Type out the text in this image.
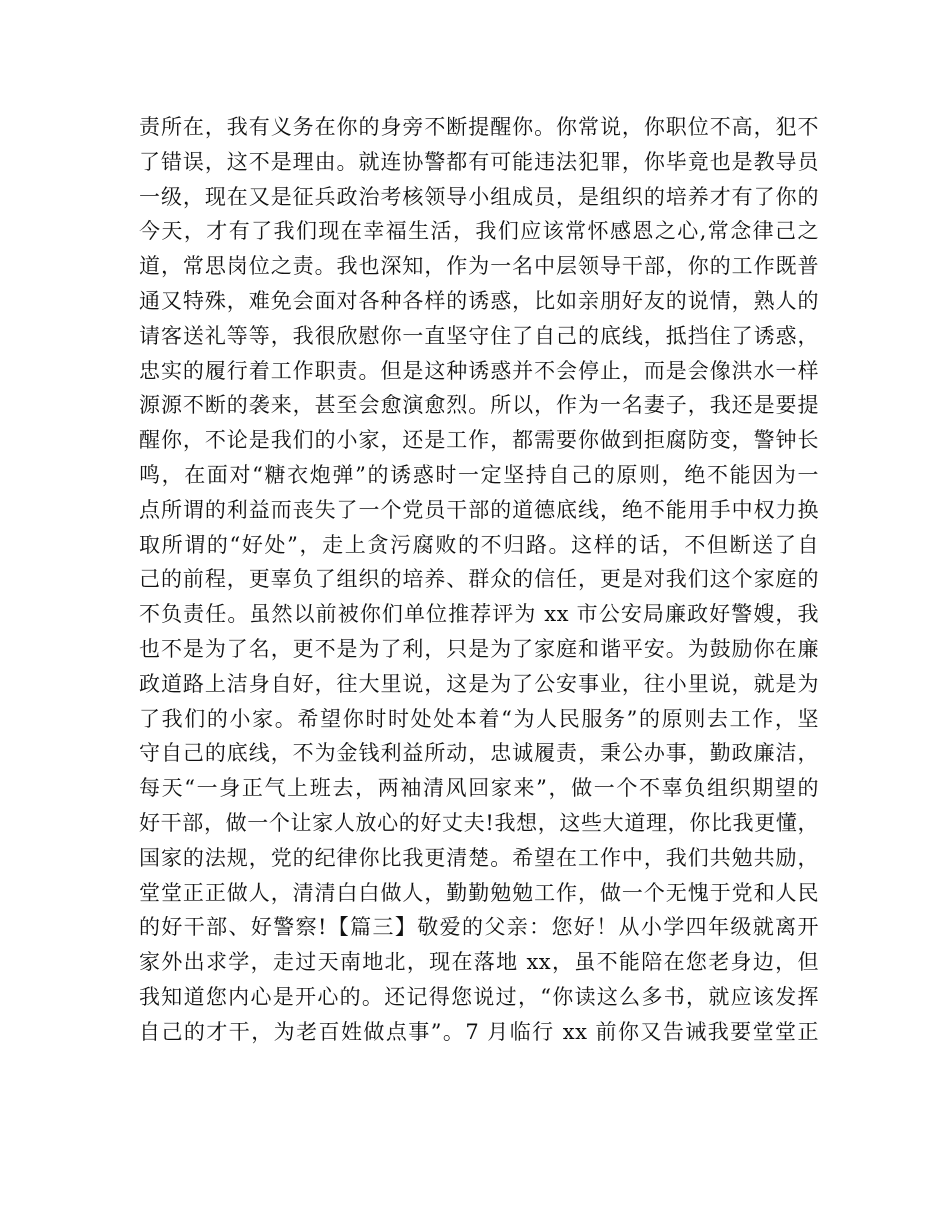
责所在，我有义务在你的身旁不断提醒你。你常说，你职位不高，犯不
了错误，这不是理由。就连协警都有可能违法犯罪，你毕竟也是教导员
一级，现在又是征兵政治考核领导小组成员，是组织的培养才有了你的
今天，才有了我们现在幸福生活，我们应该常怀感恩之心,常念律己之
道，常思岗位之责。我也深知，作为一名中层领导干部，你的工作既普
通又特殊，难免会面对各种各样的诱惑，比如亲朋好友的说情，熟人的
请客送礼等等，我很欣慰你一直坚守住了自己的底线，抵挡住了诱惑，
忠实的履行着工作职责。但是这种诱惑并不会停止，而是会像洪水一样
源源不断的袭来，甚至会愈演愈烈。所以，作为一名妻子，我还是要提
醒你，不论是我们的小家，还是工作，都需要你做到拒腐防变，警钟长
鸣，在面对“糖衣炮弹”的诱惑时一定坚持自己的原则，绝不能因为一
点所谓的利益而丧失了一个党员干部的道德底线，绝不能用手中权力换
取所谓的“好处”，走上贪污腐败的不归路。这样的话，不但断送了自
己的前程，更辜负了组织的培养、群众的信任，更是对我们这个家庭的
不负责任。虽然以前被你们单位推荐评为 xx 市公安局廉政好警嫂，我
也不是为了名，更不是为了利，只是为了家庭和谐平安。为鼓励你在廉
政道路上洁身自好，往大里说，这是为了公安事业，往小里说，就是为
了我们的小家。希望你时时处处本着“为人民服务”的原则去工作，坚
守自己的底线，不为金钱利益所动，忠诚履责，秉公办事，勤政廉洁，
每天“一身正气上班去，两袖清风回家来”，做一个不辜负组织期望的
好干部，做一个让家人放心的好丈夫!我想，这些大道理，你比我更懂，
国家的法规，党的纪律你比我更清楚。希望在工作中，我们共勉共励，
堂堂正正做人，清清白白做人，勤勤勉勉工作，做一个无愧于党和人民
的好干部、好警察!【篇三】敬爱的父亲：您好！从小学四年级就离开
家外出求学，走过天南地北，现在落地 xx，虽不能陪在您老身边，但
我知道您内心是开心的。还记得您说过，“你读这么多书，就应该发挥
自己的才干，为老百姓做点事”。7 月临行 xx 前你又告诫我要堂堂正
